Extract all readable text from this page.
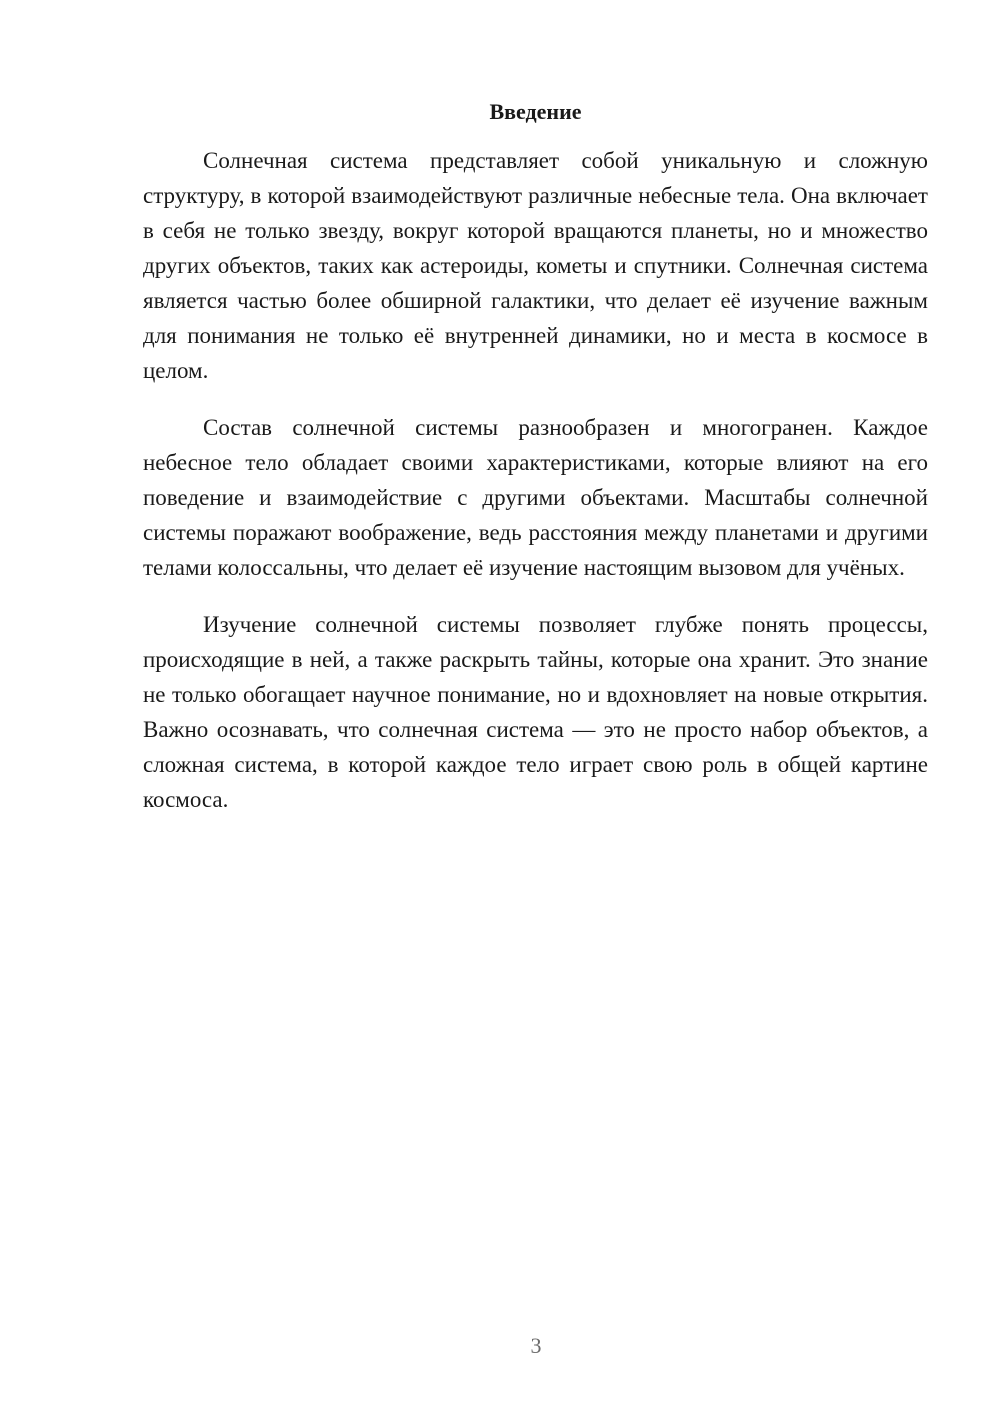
Введение

Солнечная система представляет собой уникальную и сложную структуру, в которой взаимодействуют различные небесные тела. Она включает в себя не только звезду, вокруг которой вращаются планеты, но и множество других объектов, таких как астероиды, кометы и спутники. Солнечная система является частью более обширной галактики, что делает её изучение важным для понимания не только её внутренней динамики, но и места в космосе в целом.

Состав солнечной системы разнообразен и многогранен. Каждое небесное тело обладает своими характеристиками, которые влияют на его поведение и взаимодействие с другими объектами. Масштабы солнечной системы поражают воображение, ведь расстояния между планетами и другими телами колоссальны, что делает её изучение настоящим вызовом для учёных.

Изучение солнечной системы позволяет глубже понять процессы, происходящие в ней, а также раскрыть тайны, которые она хранит. Это знание не только обогащает научное понимание, но и вдохновляет на новые открытия. Важно осознавать, что солнечная система — это не просто набор объектов, а сложная система, в которой каждое тело играет свою роль в общей картине космоса.

3
